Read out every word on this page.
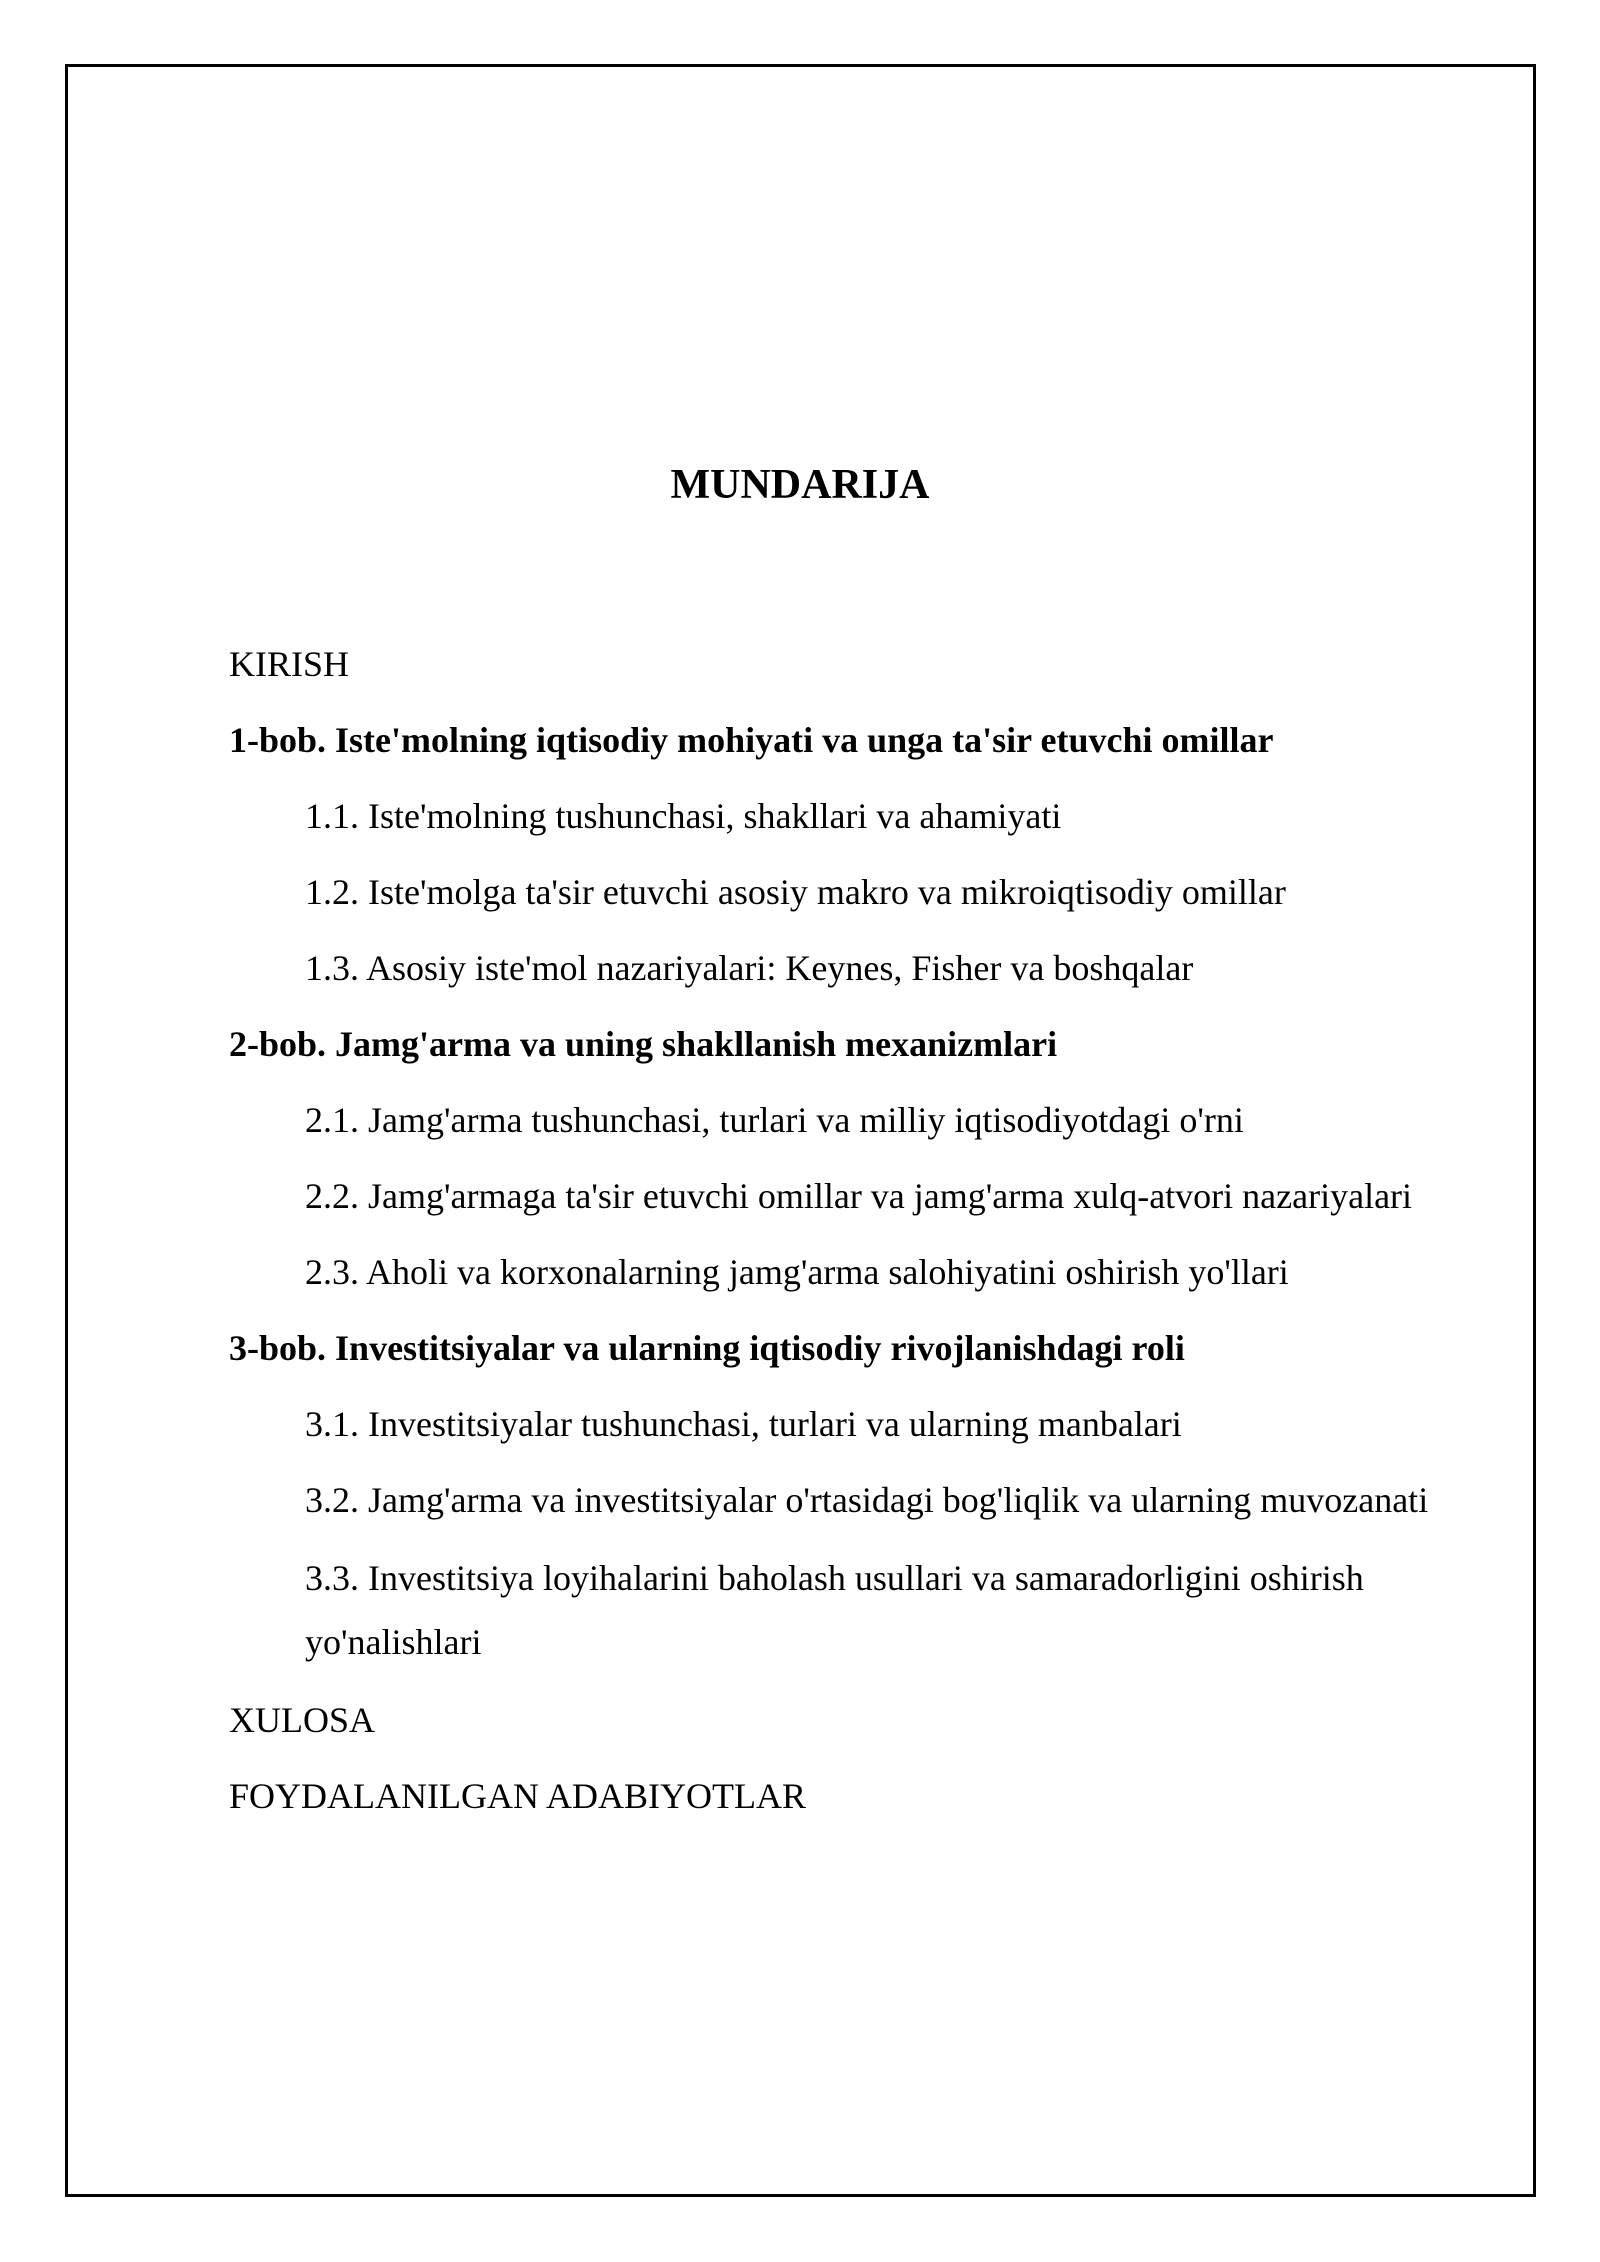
MUNDARIJA
KIRISH
1-bob. Iste'molning iqtisodiy mohiyati va unga ta'sir etuvchi omillar
1.1. Iste'molning tushunchasi, shakllari va ahamiyati
1.2. Iste'molga ta'sir etuvchi asosiy makro va mikroiqtisodiy omillar
1.3. Asosiy iste'mol nazariyalari: Keynes, Fisher va boshqalar
2-bob. Jamg'arma va uning shakllanish mexanizmlari
2.1. Jamg'arma tushunchasi, turlari va milliy iqtisodiyotdagi o'rni
2.2. Jamg'armaga ta'sir etuvchi omillar va jamg'arma xulq-atvori nazariyalari
2.3. Aholi va korxonalarning jamg'arma salohiyatini oshirish yo'llari
3-bob. Investitsiyalar va ularning iqtisodiy rivojlanishdagi roli
3.1. Investitsiyalar tushunchasi, turlari va ularning manbalari
3.2. Jamg'arma va investitsiyalar o'rtasidagi bog'liqlik va ularning muvozanati
3.3. Investitsiya loyihalarini baholash usullari va samaradorligini oshirish yo'nalishlari
XULOSA
FOYDALANILGAN ADABIYOTLAR
